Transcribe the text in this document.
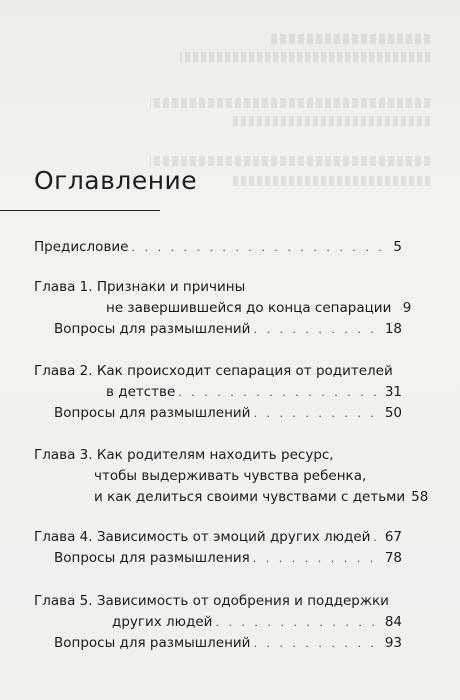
Оглавление
Предисловие . . .	5
Глава 1. Признаки и причины
не завершившейся до конца сепарации 9
Вопросы для размышлений . . .	18
Глава 2. Как происходит сепарация от родителей
в детстве . . .	31
Вопросы для размышлений . . .	50
Глава 3. Как родителям находить ресурс,
чтобы выдерживать чувства ребенка,
и как делиться своими чувствами с детьми 58
Глава 4. Зависимость от эмоций других людей . . . 67
Вопросы для размышления . . .	78
Глава 5. Зависимость от одобрения и поддержки
других людей . . .	84
Вопросы для размышлений . . .	93
